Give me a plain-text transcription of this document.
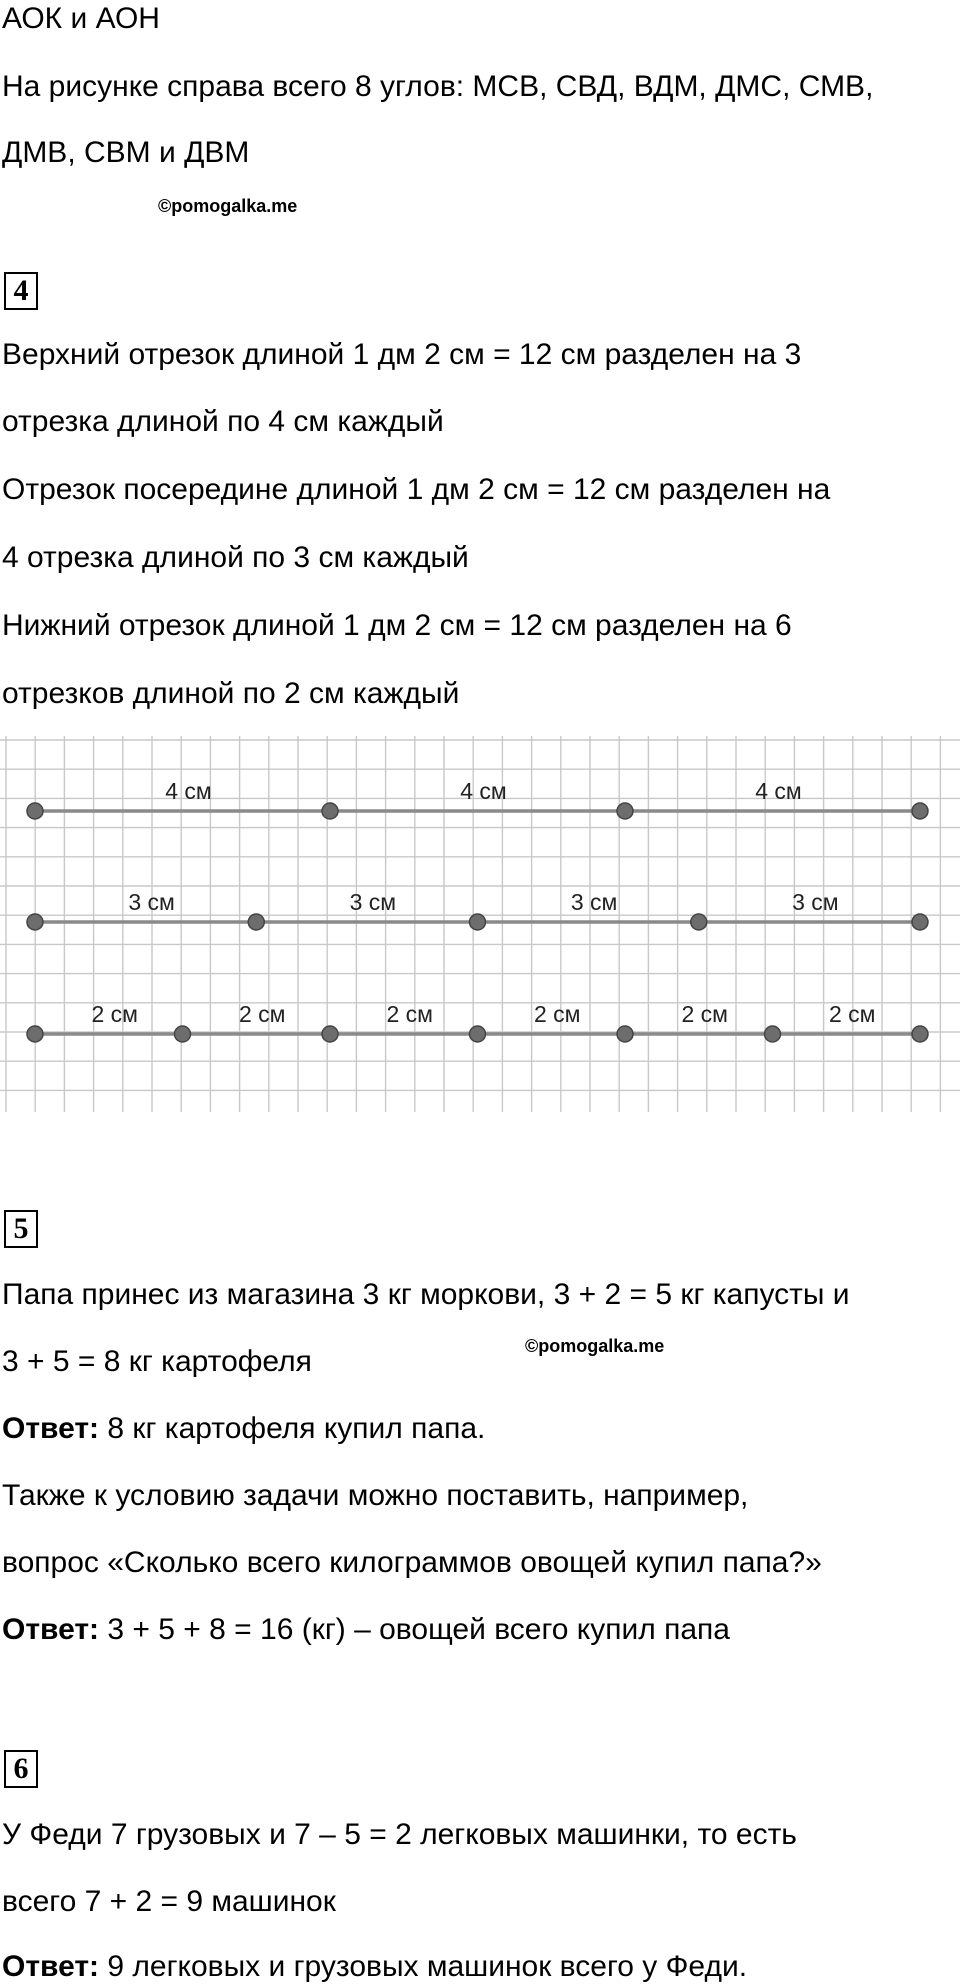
АОК и АОН
На рисунке справа всего 8 углов: МСВ, СВД, ВДМ, ДМС, СМВ,
ДМВ, СВМ и ДВМ
©pomogalka.me
4
Верхний отрезок длиной 1 дм 2 см = 12 см разделен на 3
отрезка длиной по 4 см каждый
Отрезок посередине длиной 1 дм 2 см = 12 см разделен на
4 отрезка длиной по 3 см каждый
Нижний отрезок длиной 1 дм 2 см = 12 см разделен на 6
отрезков длиной по 2 см каждый
4 см	4 см	4 см
3 см	3 см	3 см	3 см
2 см	2 см	2 см	2 см	2 см	2 см
5
Папа принес из магазина 3 кг моркови, 3 + 2 = 5 кг капусты и
3 + 5 = 8 кг картофеля	©pomogalka.me
Ответ: 8 кг картофеля купил папа.
Также к условию задачи можно поставить, например,
вопрос «Сколько всего килограммов овощей купил папа?»
Ответ: 3 + 5 + 8 = 16 (кг) – овощей всего купил папа
6
У Феди 7 грузовых и 7 – 5 = 2 легковых машинки, то есть
всего 7 + 2 = 9 машинок
Ответ: 9 легковых и грузовых машинок всего у Феди.
